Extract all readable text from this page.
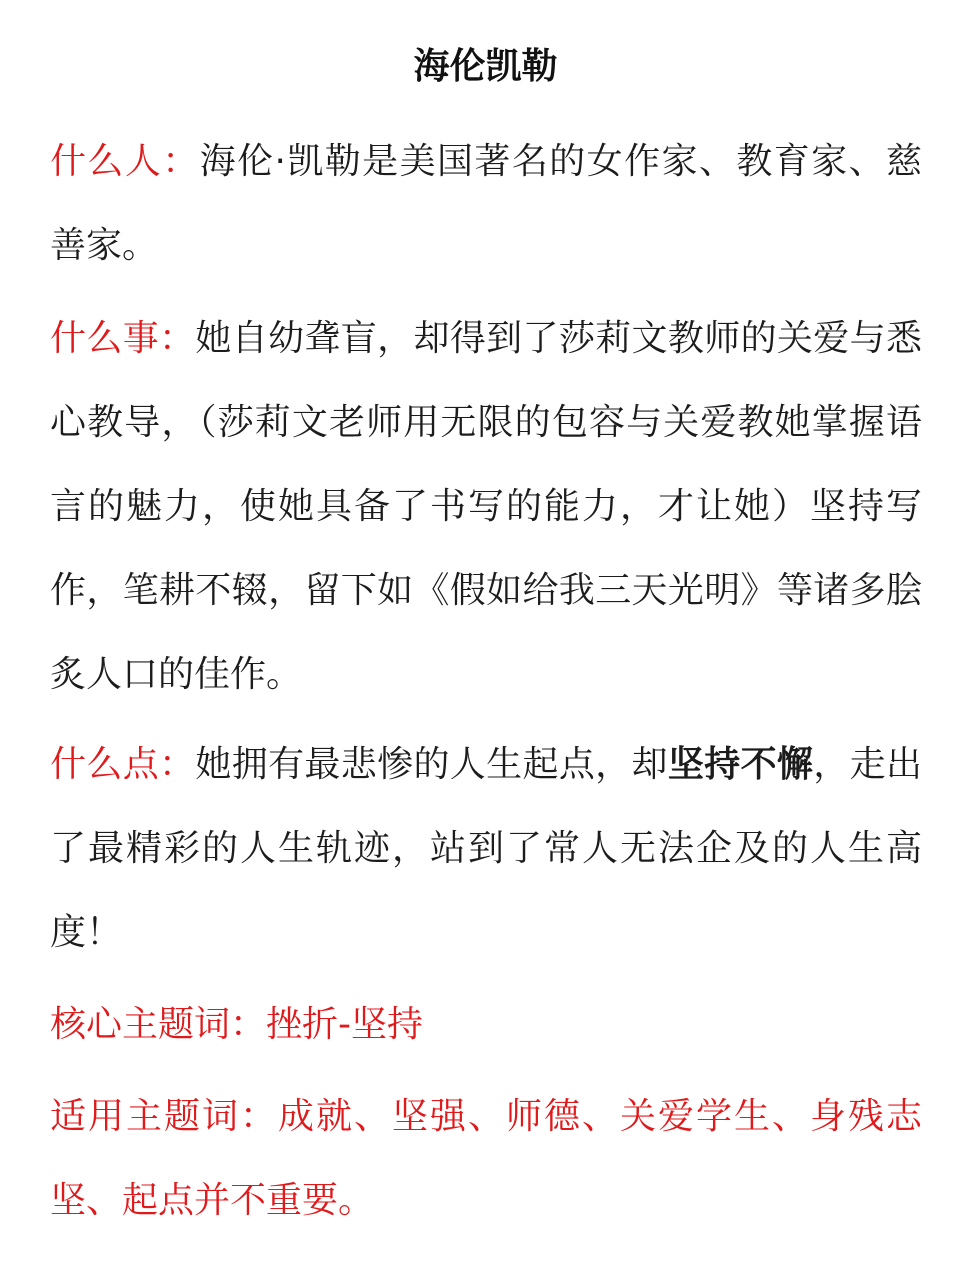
海伦凯勒
什么人：海伦·凯勒是美国著名的女作家、教育家、慈善家。
什么事：她自幼聋盲，却得到了莎莉文教师的关爱与悉心教导，（莎莉文老师用无限的包容与关爱教她掌握语言的魅力，使她具备了书写的能力，才让她）坚持写作，笔耕不辍，留下如《假如给我三天光明》等诸多脍炙人口的佳作。
什么点：她拥有最悲惨的人生起点，却坚持不懈，走出了最精彩的人生轨迹，站到了常人无法企及的人生高度！
核心主题词：挫折-坚持
适用主题词：成就、坚强、师德、关爱学生、身残志坚、起点并不重要。
